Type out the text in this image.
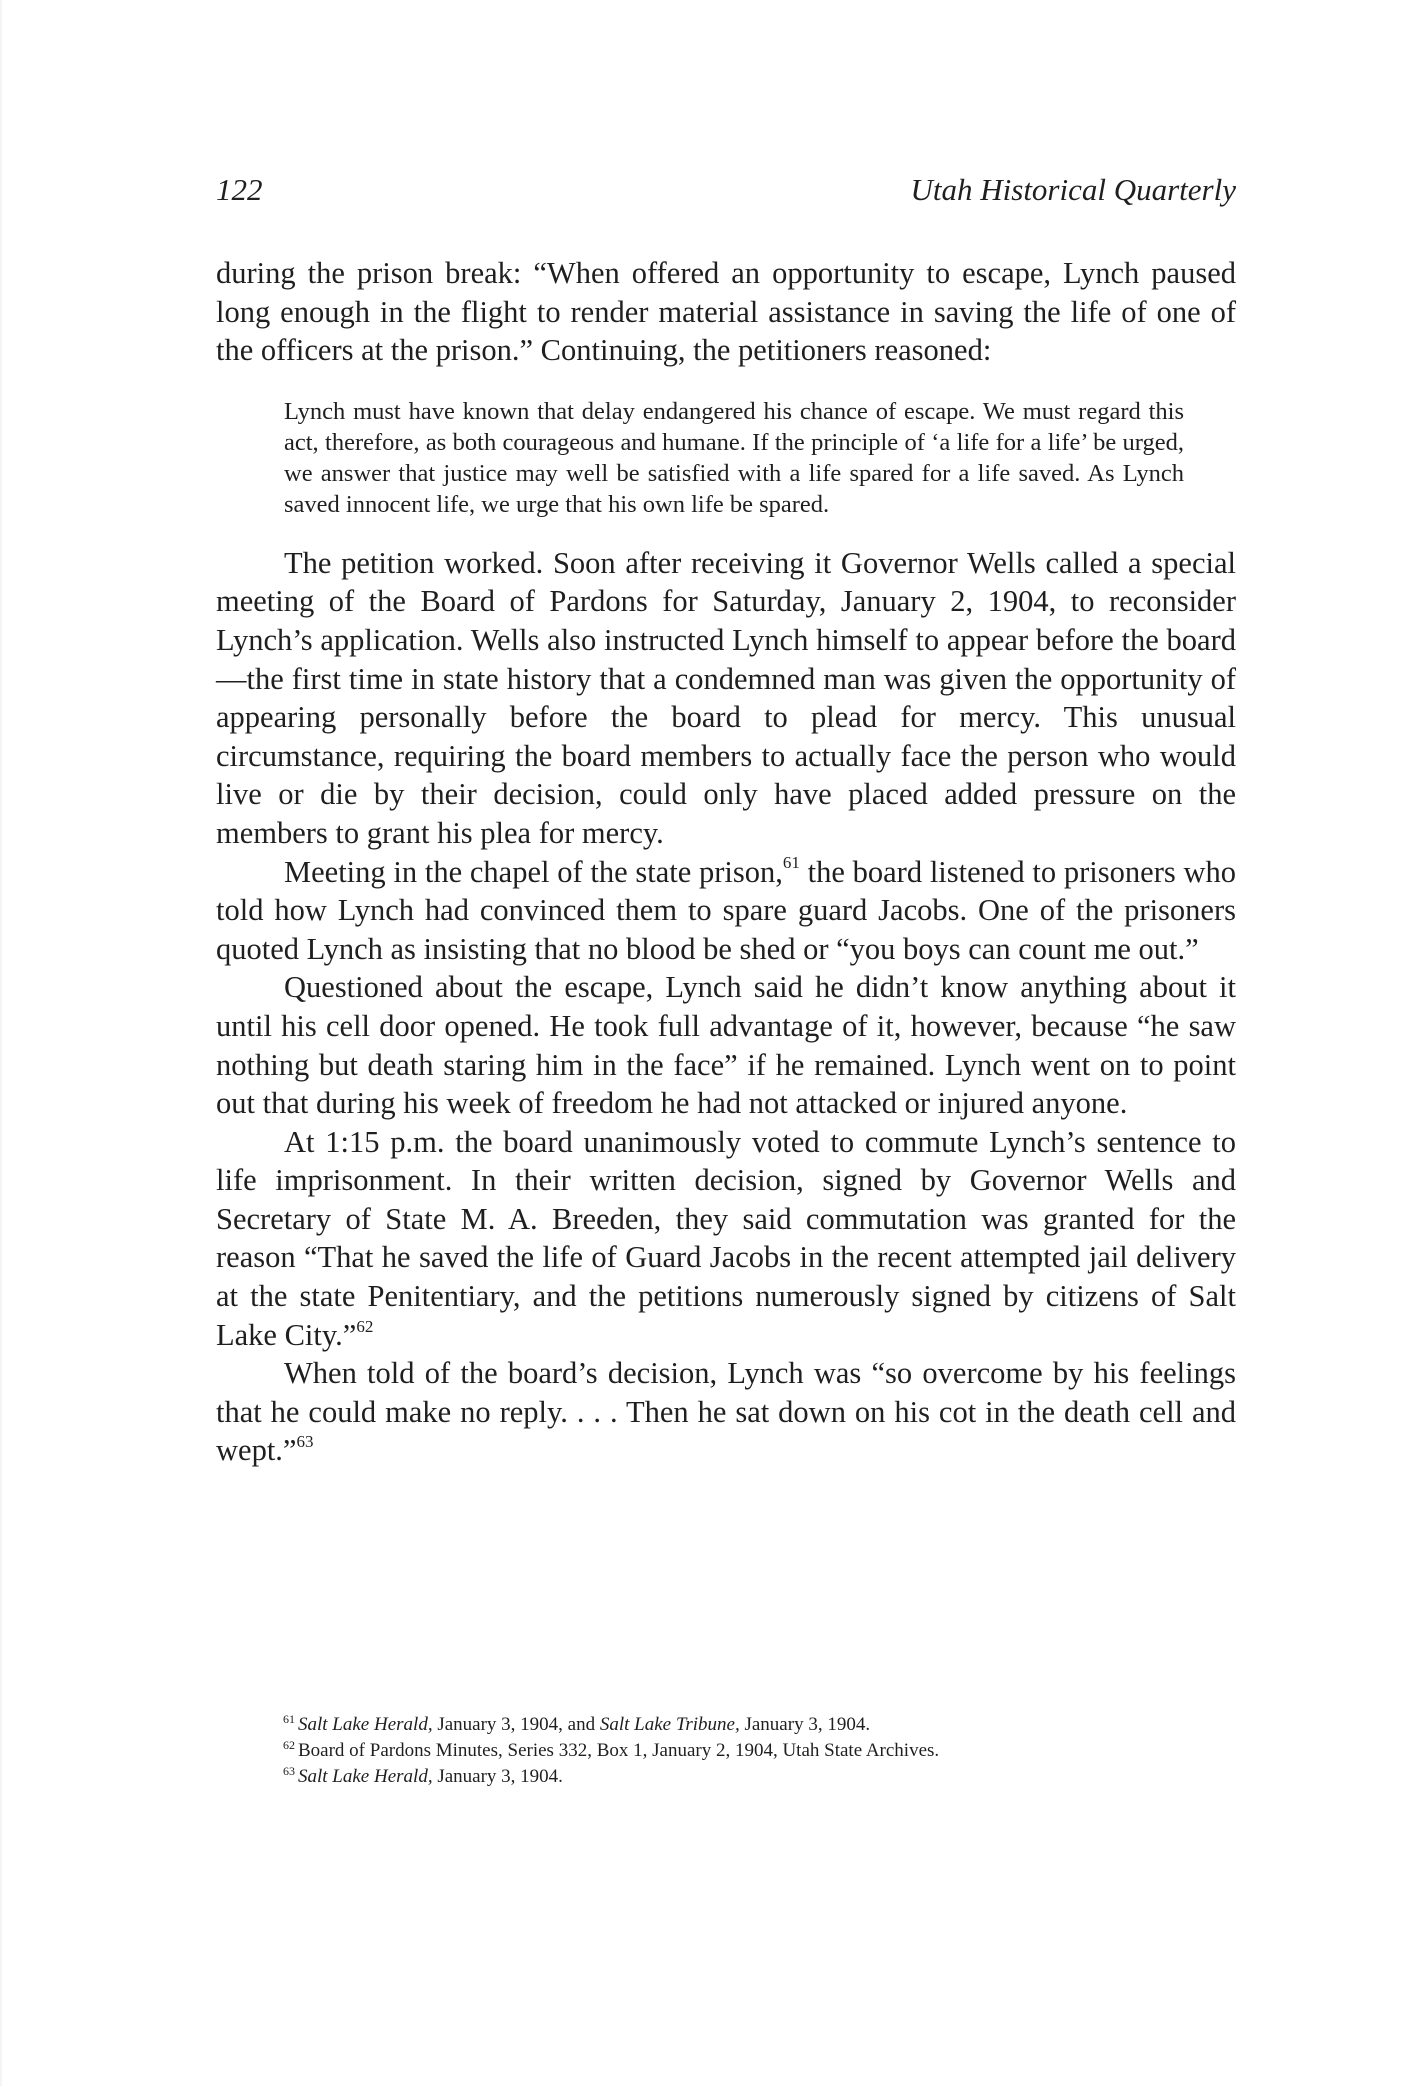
122	Utah Historical Quarterly

during the prison break: “When offered an opportunity to escape, Lynch paused long enough in the flight to render material assistance in saving the life of one of the officers at the prison.” Continuing, the petitioners reasoned:

Lynch must have known that delay endangered his chance of escape. We must regard this act, therefore, as both courageous and humane. If the principle of ‘a life for a life’ be urged, we answer that justice may well be satisfied with a life spared for a life saved. As Lynch saved innocent life, we urge that his own life be spared.

The petition worked. Soon after receiving it Governor Wells called a special meeting of the Board of Pardons for Saturday, January 2, 1904, to reconsider Lynch’s application. Wells also instructed Lynch himself to appear before the board—the first time in state history that a condemned man was given the opportunity of appearing personally before the board to plead for mercy. This unusual circumstance, requiring the board members to actually face the person who would live or die by their decision, could only have placed added pressure on the members to grant his plea for mercy.

Meeting in the chapel of the state prison,$^{61}$ the board listened to prisoners who told how Lynch had convinced them to spare guard Jacobs. One of the prisoners quoted Lynch as insisting that no blood be shed or “you boys can count me out.”

Questioned about the escape, Lynch said he didn’t know anything about it until his cell door opened. He took full advantage of it, however, because “he saw nothing but death staring him in the face” if he remained. Lynch went on to point out that during his week of freedom he had not attacked or injured anyone.

At 1:15 p.m. the board unanimously voted to commute Lynch’s sentence to life imprisonment. In their written decision, signed by Governor Wells and Secretary of State M. A. Breeden, they said commutation was granted for the reason “That he saved the life of Guard Jacobs in the recent attempted jail delivery at the state Penitentiary, and the petitions numerously signed by citizens of Salt Lake City.”$^{62}$

When told of the board’s decision, Lynch was “so overcome by his feelings that he could make no reply. . . . Then he sat down on his cot in the death cell and wept.”$^{63}$

$^{61}$ Salt Lake Herald, January 3, 1904, and Salt Lake Tribune, January 3, 1904.

$^{62}$ Board of Pardons Minutes, Series 332, Box 1, January 2, 1904, Utah State Archives.

$^{63}$ Salt Lake Herald, January 3, 1904.
